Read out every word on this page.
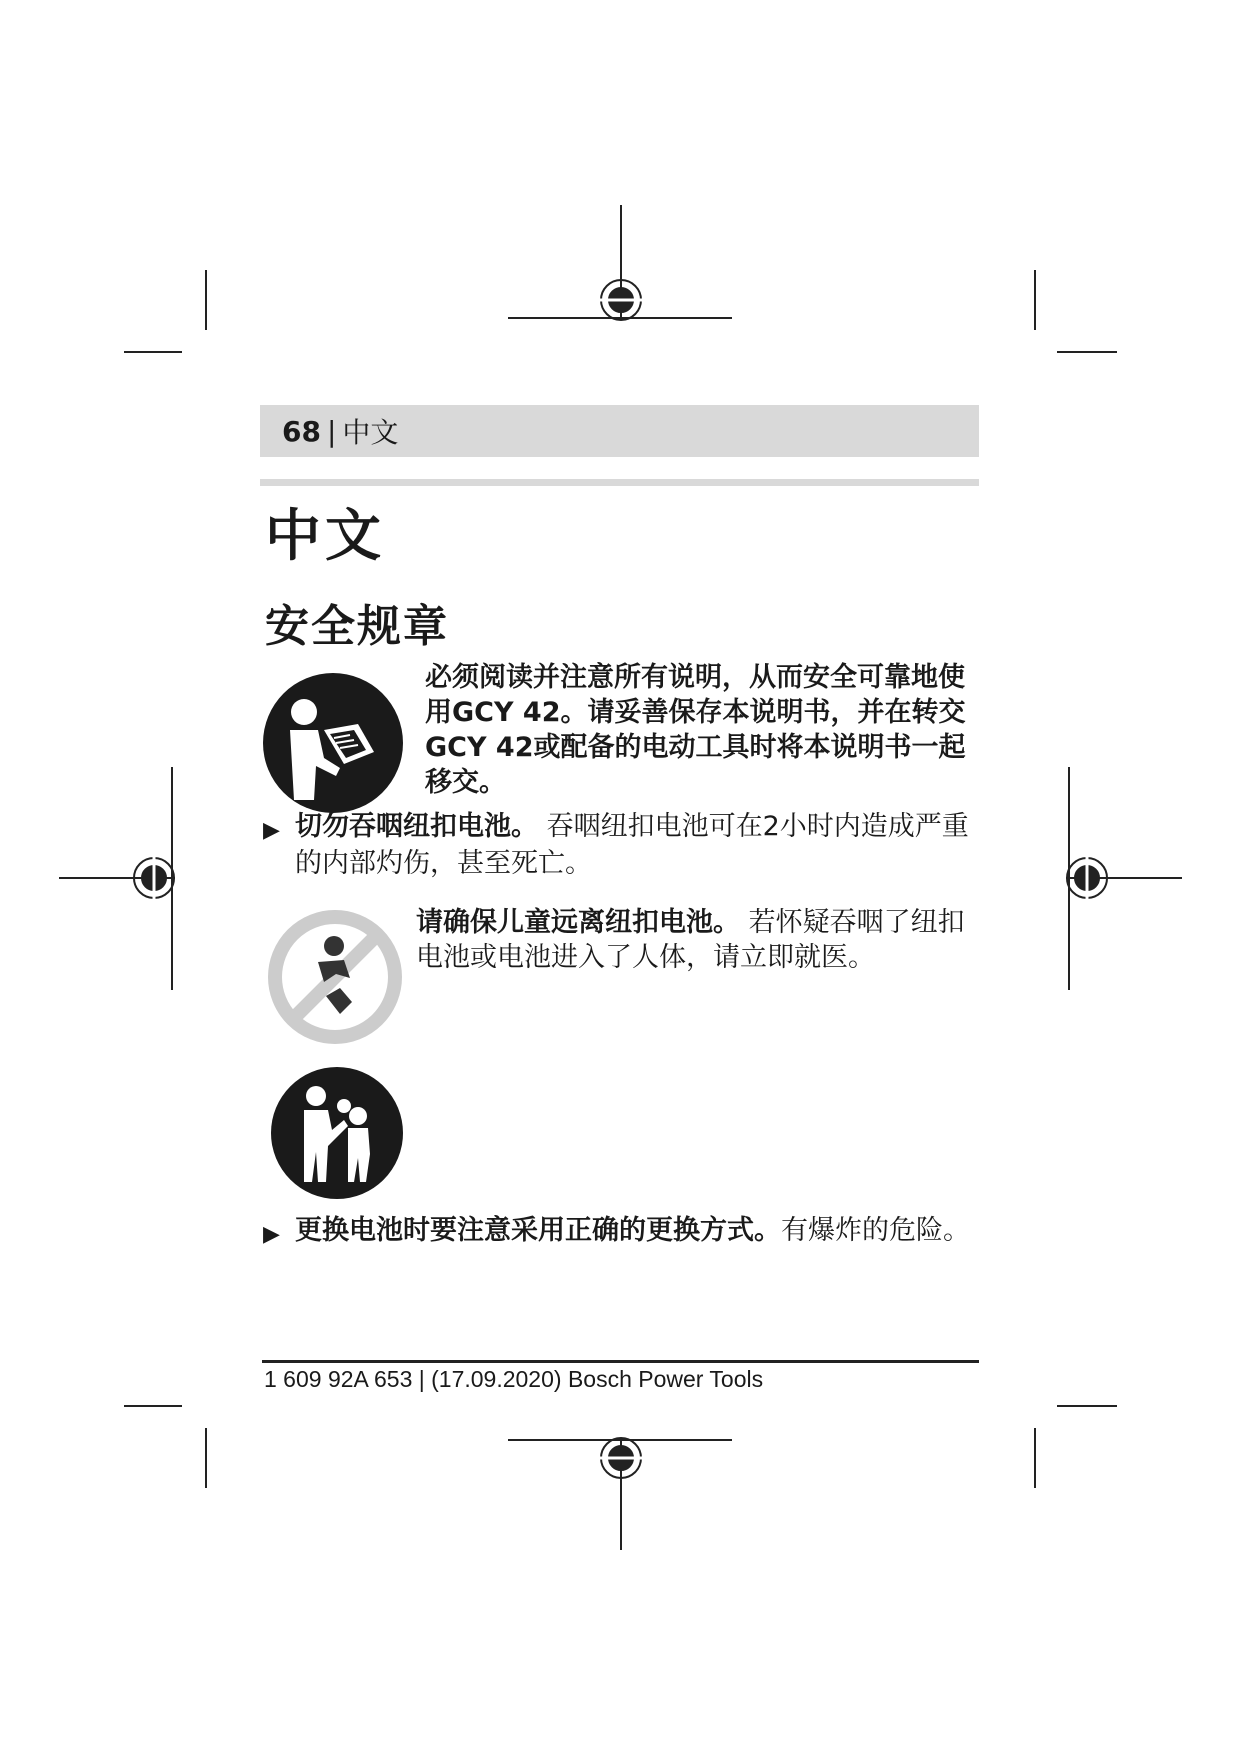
68 | 中文
中文
安全规章
必须阅读并注意所有说明，从而安全可靠地使用GCY 42。请妥善保存本说明书，并在转交GCY 42或配备的电动工具时将本说明书一起移交。
▶ 切勿吞咽纽扣电池。 吞咽纽扣电池可在2小时内造成严重的内部灼伤，甚至死亡。
请确保儿童远离纽扣电池。 若怀疑吞咽了纽扣电池或电池进入了人体，请立即就医。
▶ 更换电池时要注意采用正确的更换方式。有爆炸的危险。
1 609 92A 653 | (17.09.2020) Bosch Power Tools
